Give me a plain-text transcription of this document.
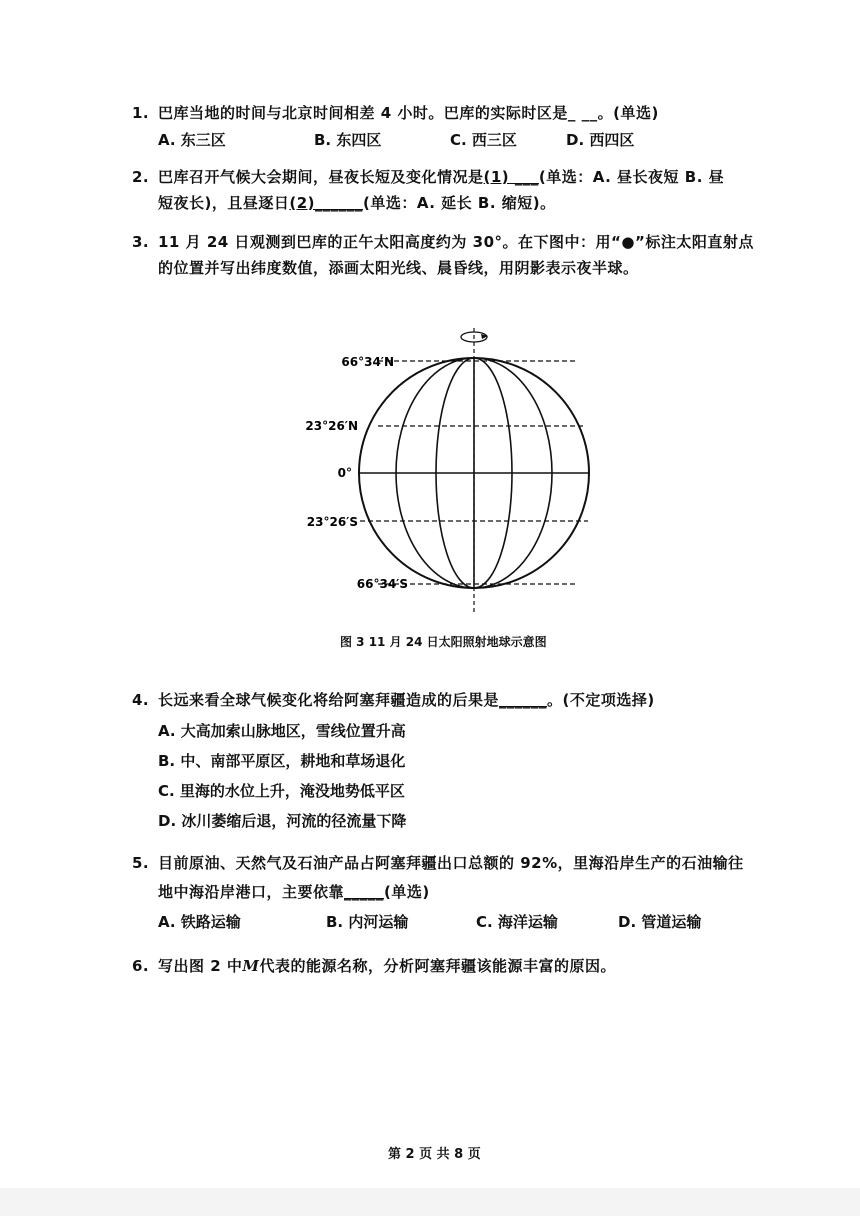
1. 巴库当地的时间与北京时间相差 4 小时。巴库的实际时区是_ __。(单选)
A. 东三区	B. 东四区	C. 西三区	D. 西四区
2. 巴库召开气候大会期间，昼夜长短及变化情况是(1) ___(单选：A. 昼长夜短 B. 昼
短夜长)，且昼逐日(2)______(单选：A. 延长 B. 缩短)。
3. 11 月 24 日观测到巴库的正午太阳高度约为 30°。在下图中：用“●”标注太阳直射点
的位置并写出纬度数值，添画太阳光线、晨昏线，用阴影表示夜半球。
66°34′N
23°26′N
0°
23°26′S
66°34′S
图 3 11 月 24 日太阳照射地球示意图
4. 长远来看全球气候变化将给阿塞拜疆造成的后果是______。(不定项选择)
A. 大高加索山脉地区，雪线位置升高
B. 中、南部平原区，耕地和草场退化
C. 里海的水位上升，淹没地势低平区
D. 冰川萎缩后退，河流的径流量下降
5. 目前原油、天然气及石油产品占阿塞拜疆出口总额的 92%，里海沿岸生产的石油输往
地中海沿岸港口，主要依靠_____(单选)
A. 铁路运输	B. 内河运输	C. 海洋运输	D. 管道运输
6. 写出图 2 中M代表的能源名称，分析阿塞拜疆该能源丰富的原因。
第 2 页 共 8 页
